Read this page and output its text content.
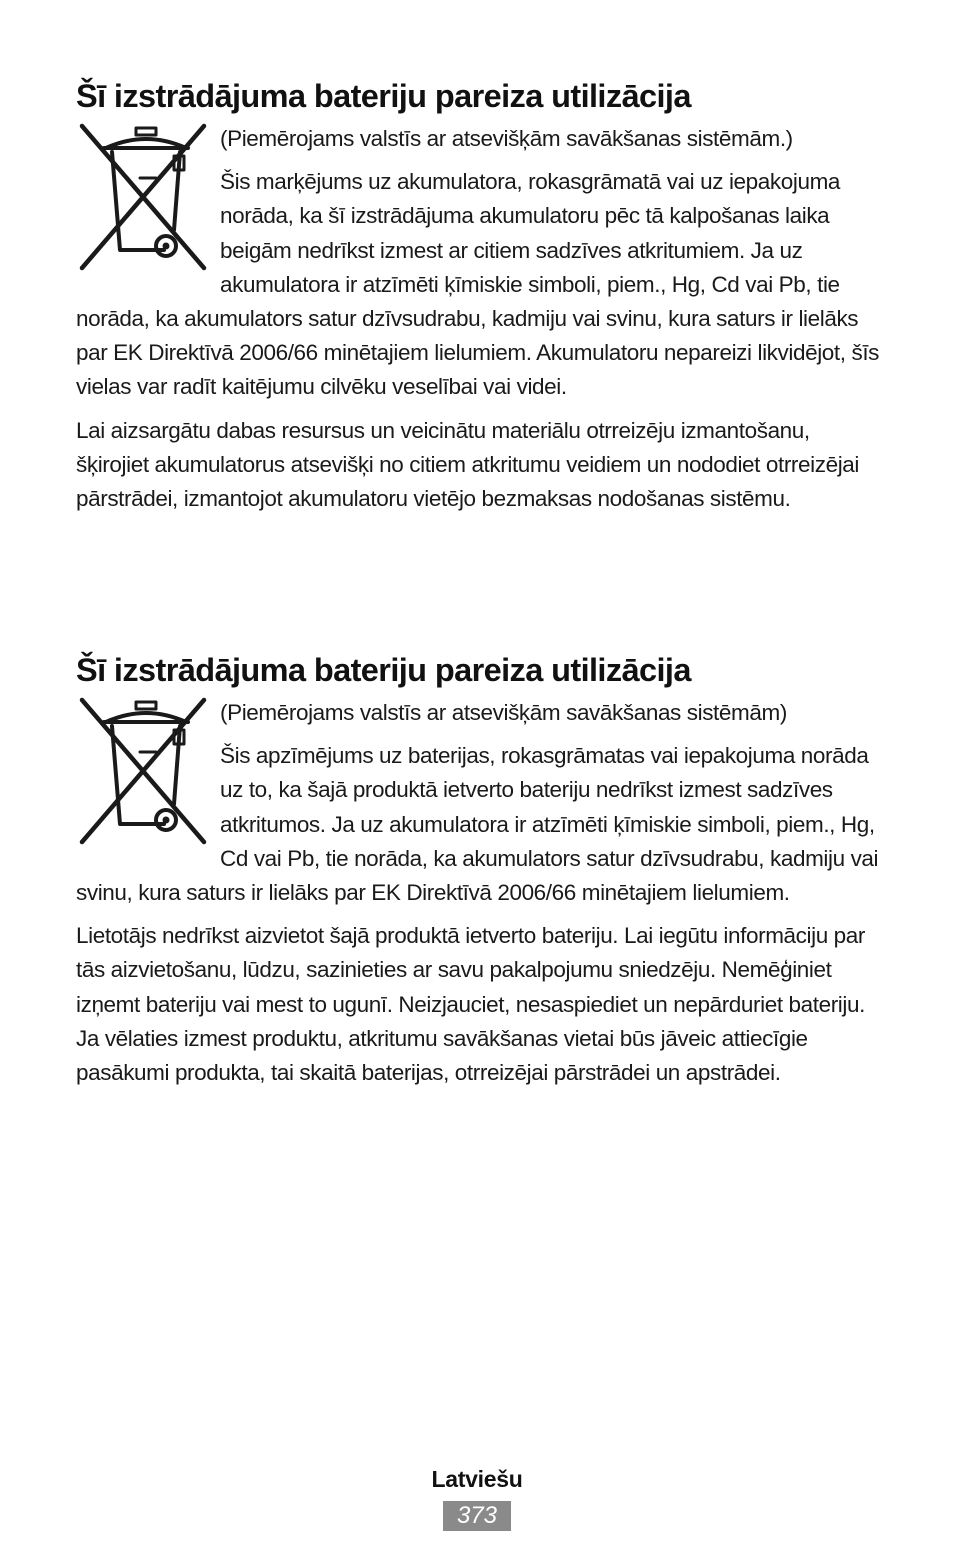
Šī izstrādājuma bateriju pareiza utilizācija

(Piemērojams valstīs ar atsevišķām savākšanas sistēmām.)

Šis marķējums uz akumulatora, rokasgrāmatā vai uz iepakojuma norāda, ka šī izstrādājuma akumulatoru pēc tā kalpošanas laika beigām nedrīkst izmest ar citiem sadzīves atkritumiem. Ja uz akumulatora ir atzīmēti ķīmiskie simboli, piem., Hg, Cd vai Pb, tie norāda, ka akumulators satur dzīvsudrabu, kadmiju vai svinu, kura saturs ir lielāks par EK Direktīvā 2006/66 minētajiem lielumiem. Akumulatoru nepareizi likvidējot, šīs vielas var radīt kaitējumu cilvēku veselībai vai videi.

Lai aizsargātu dabas resursus un veicinātu materiālu otrreizēju izmantošanu, šķirojiet akumulatorus atsevišķi no citiem atkritumu veidiem un nododiet otrreizējai pārstrādei, izmantojot akumulatoru vietējo bezmaksas nodošanas sistēmu.

Šī izstrādājuma bateriju pareiza utilizācija

(Piemērojams valstīs ar atsevišķām savākšanas sistēmām)

Šis apzīmējums uz baterijas, rokasgrāmatas vai iepakojuma norāda uz to, ka šajā produktā ietverto bateriju nedrīkst izmest sadzīves atkritumos. Ja uz akumulatora ir atzīmēti ķīmiskie simboli, piem., Hg, Cd vai Pb, tie norāda, ka akumulators satur dzīvsudrabu, kadmiju vai svinu, kura saturs ir lielāks par EK Direktīvā 2006/66 minētajiem lielumiem.

Lietotājs nedrīkst aizvietot šajā produktā ietverto bateriju. Lai iegūtu informāciju par tās aizvietošanu, lūdzu, sazinieties ar savu pakalpojumu sniedzēju. Nemēģiniet izņemt bateriju vai mest to ugunī. Neizjauciet, nesaspiediet un nepārduriet bateriju. Ja vēlaties izmest produktu, atkritumu savākšanas vietai būs jāveic attiecīgie pasākumi produkta, tai skaitā baterijas, otrreizējai pārstrādei un apstrādei.

Latviešu
373
